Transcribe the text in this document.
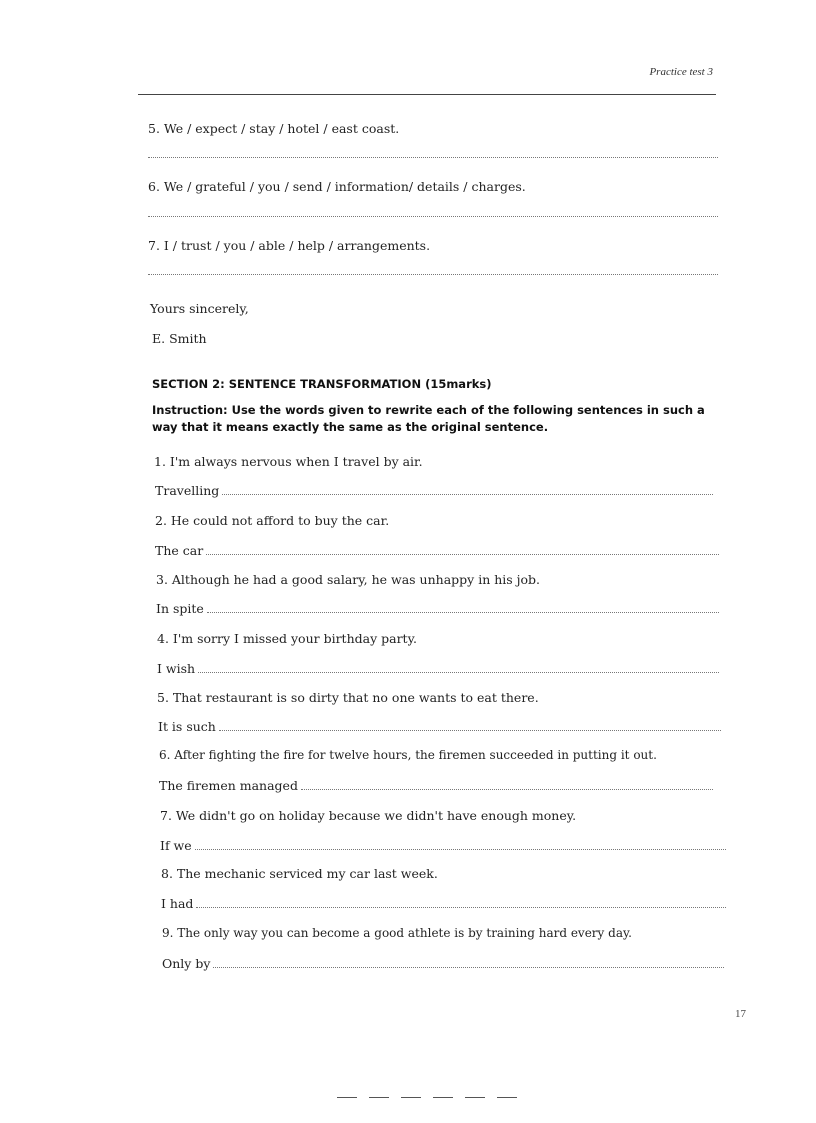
Practice test 3
5. We / expect / stay / hotel / east coast.
6. We / grateful / you / send / information/ details / charges.
7. I / trust / you / able / help / arrangements.
Yours sincerely,
E. Smith
SECTION 2: SENTENCE TRANSFORMATION (15marks)
Instruction: Use the words given to rewrite each of the following sentences in such a way that it means exactly the same as the original sentence.
1. I'm always nervous when I travel by air.
Travelling
2. He could not afford to buy the car.
The car
3. Although he had a good salary, he was unhappy in his job.
In spite
4. I'm sorry I missed your birthday party.
I wish
5. That restaurant is so dirty that no one wants to eat there.
It is such
6. After fighting the fire for twelve hours, the firemen succeeded in putting it out.
The firemen managed
7. We didn't go on holiday because we didn't have enough money.
If we
8. The mechanic serviced my car last week.
I had
9. The only way you can become a good athlete is by training hard every day.
Only by
17
